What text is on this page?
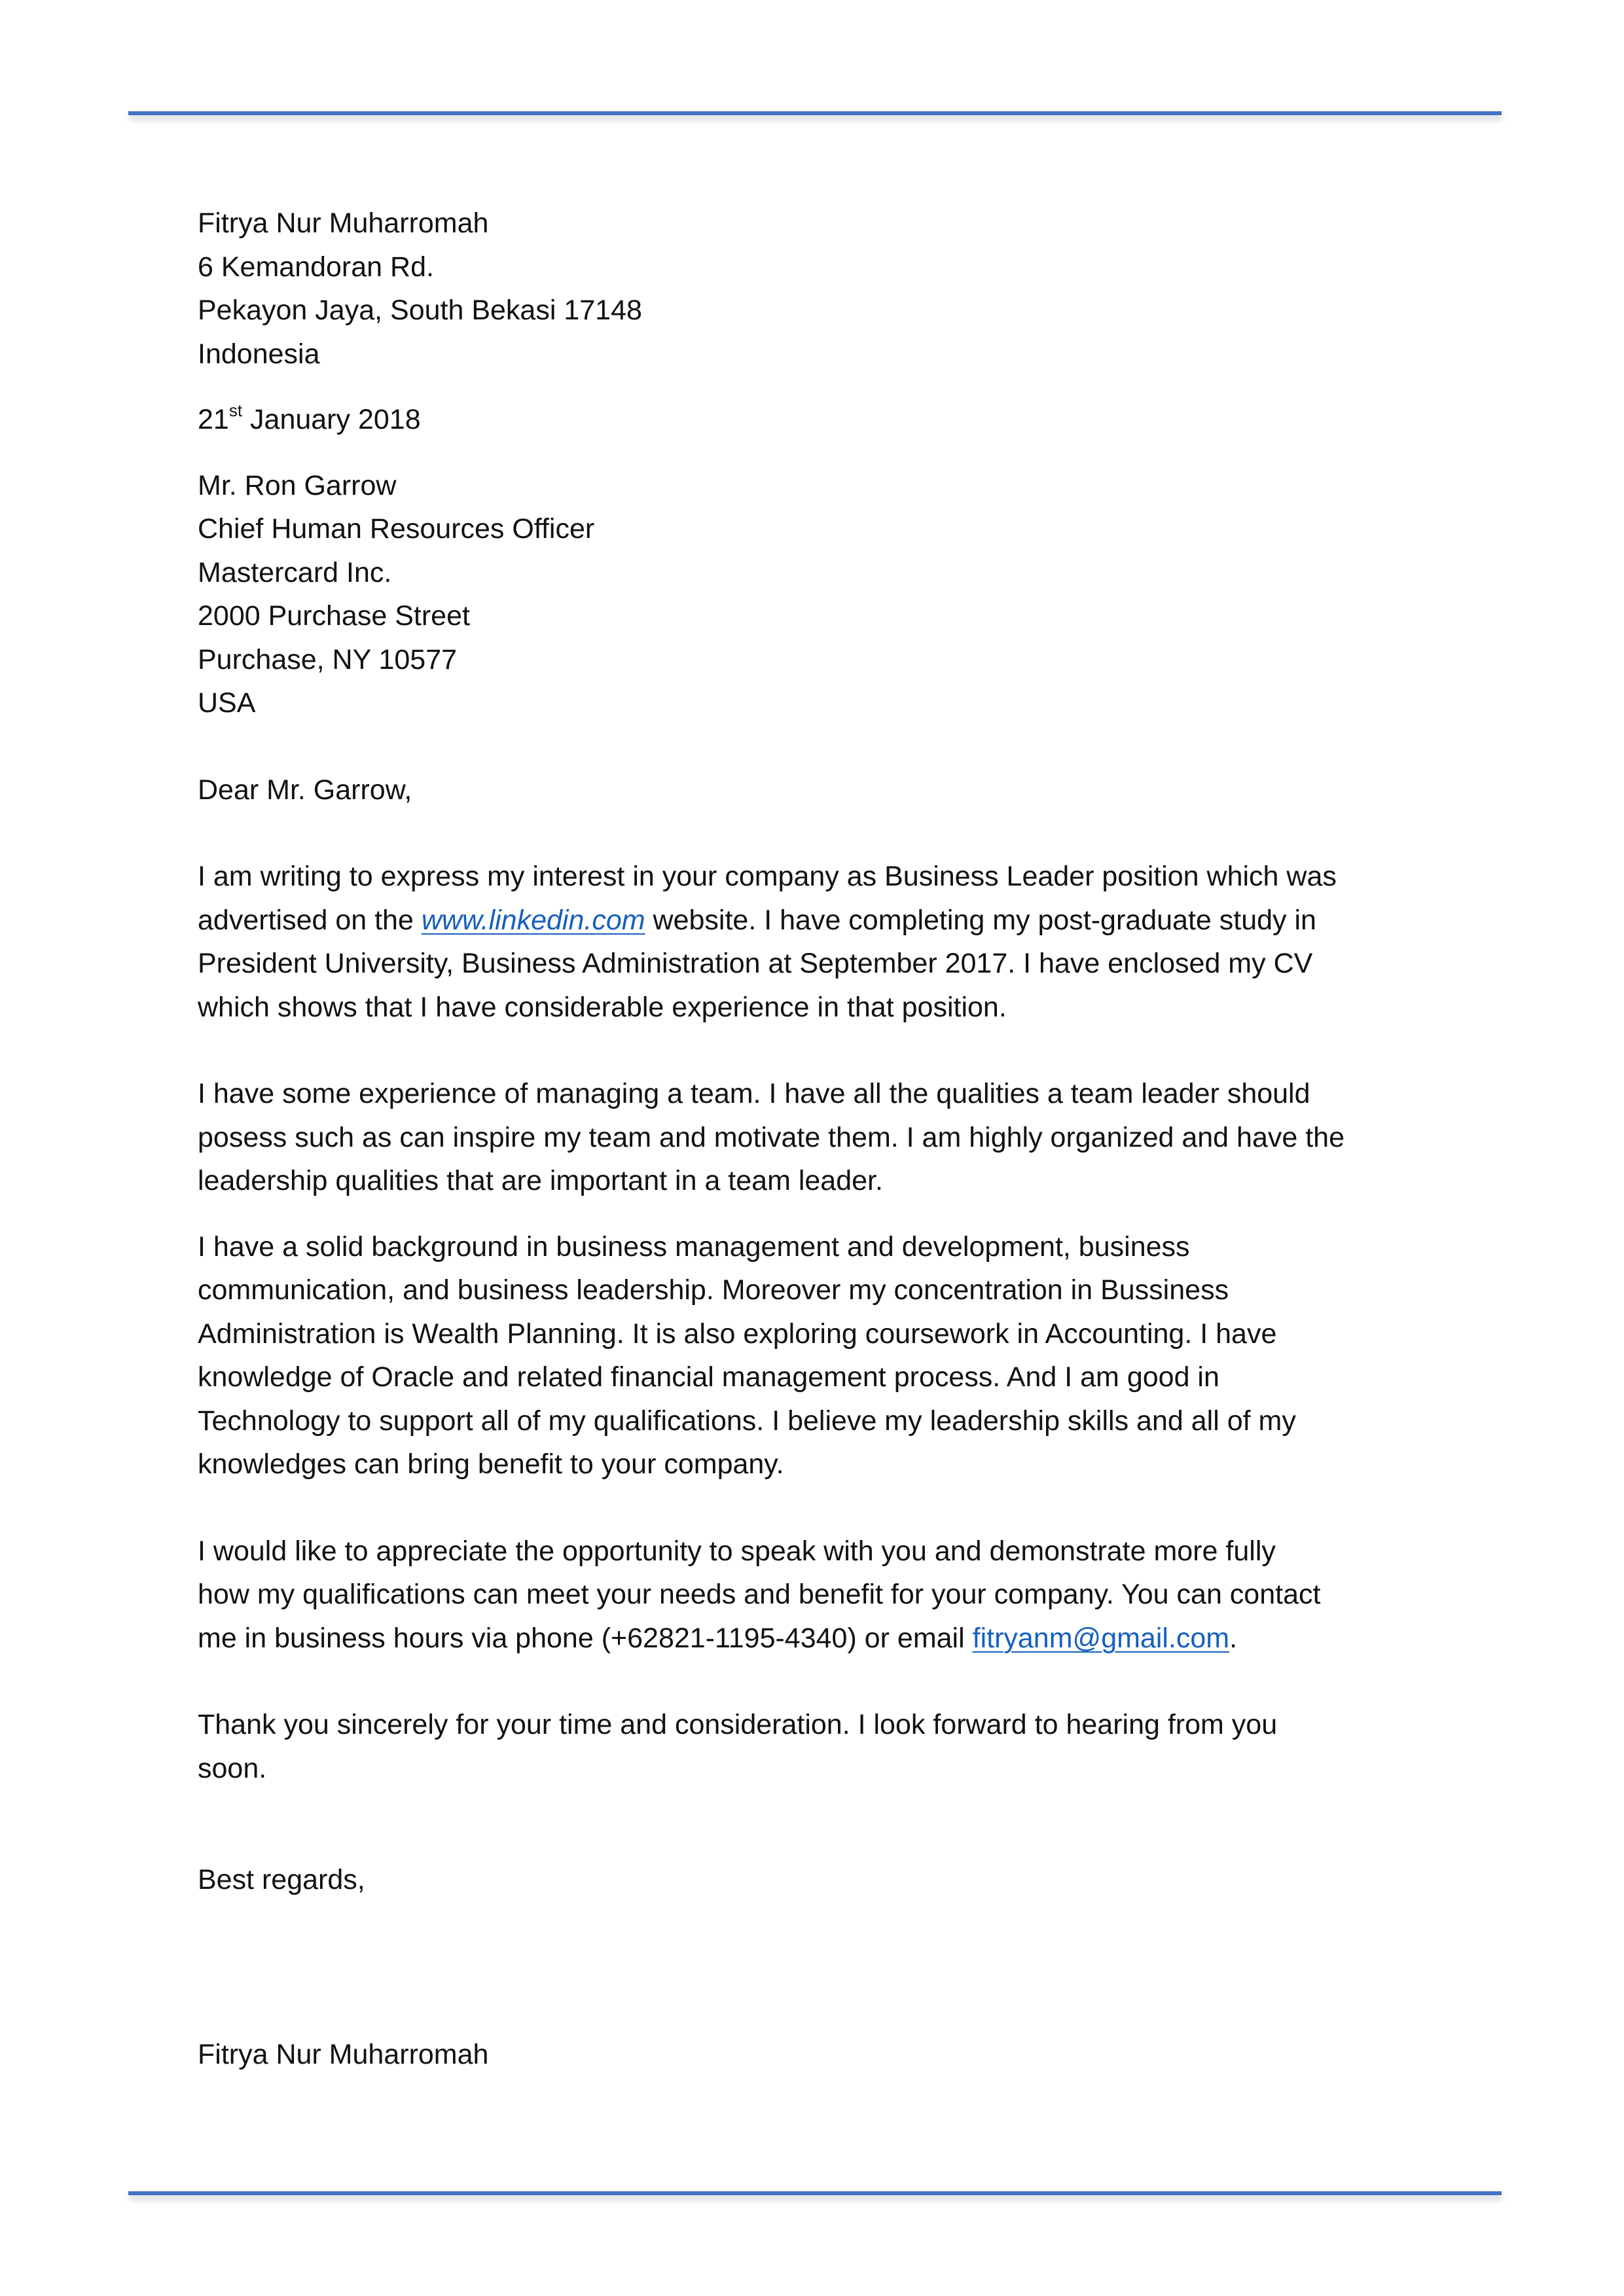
Fitrya Nur Muharromah
6 Kemandoran Rd.
Pekayon Jaya, South Bekasi 17148
Indonesia
21st January 2018
Mr. Ron Garrow
Chief Human Resources Officer
Mastercard Inc.
2000 Purchase Street
Purchase, NY 10577
USA
Dear Mr. Garrow,
I am writing to express my interest in your company as Business Leader position which was
advertised on the www.linkedin.com website. I have completing my post-graduate study in
President University, Business Administration at September 2017. I have enclosed my CV
which shows that I have considerable experience in that position.
I have some experience of managing a team. I have all the qualities a team leader should
posess such as can inspire my team and motivate them. I am highly organized and have the
leadership qualities that are important in a team leader.
I have a solid background in business management and development, business
communication, and business leadership. Moreover my concentration in Bussiness
Administration is Wealth Planning. It is also exploring coursework in Accounting. I have
knowledge of Oracle and related financial management process. And I am good in
Technology to support all of my qualifications. I believe my leadership skills and all of my
knowledges can bring benefit to your company.
I would like to appreciate the opportunity to speak with you and demonstrate more fully
how my qualifications can meet your needs and benefit for your company. You can contact
me in business hours via phone (+62821-1195-4340) or email fitryanm@gmail.com.
Thank you sincerely for your time and consideration. I look forward to hearing from you
soon.
Best regards,
Fitrya Nur Muharromah
